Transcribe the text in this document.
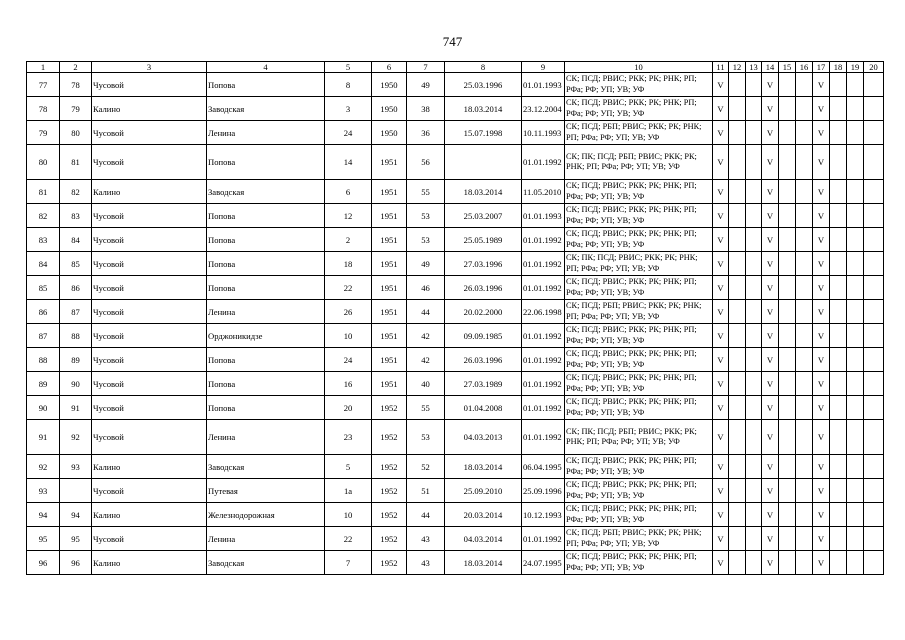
747
1	2	3	4	5	6	7	8	9	10	11	12	13	14	15	16	17	18	19	20
77	78	Чусовой	Попова	8	1950	49	25.03.1996	01.01.1993	СК; ПСД; РВИС; РКК; РК; РНК; РП; РФа; РФ; УП; УВ; УФ	V			V			V			
78	79	Калино	Заводская	3	1950	38	18.03.2014	23.12.2004	СК; ПСД; РВИС; РКК; РК; РНК; РП; РФа; РФ; УП; УВ; УФ	V			V			V			
79	80	Чусовой	Ленина	24	1950	36	15.07.1998	10.11.1993	СК; ПСД; РБП; РВИС; РКК; РК; РНК; РП; РФа; РФ; УП; УВ; УФ	V			V			V			
80	81	Чусовой	Попова	14	1951	56		01.01.1992	СК; ПК; ПСД; РБП; РВИС; РКК; РК; РНК; РП; РФа; РФ; УП; УВ; УФ	V			V			V			
81	82	Калино	Заводская	6	1951	55	18.03.2014	11.05.2010	СК; ПСД; РВИС; РКК; РК; РНК; РП; РФа; РФ; УП; УВ; УФ	V			V			V			
82	83	Чусовой	Попова	12	1951	53	25.03.2007	01.01.1993	СК; ПСД; РВИС; РКК; РК; РНК; РП; РФа; РФ; УП; УВ; УФ	V			V			V			
83	84	Чусовой	Попова	2	1951	53	25.05.1989	01.01.1992	СК; ПСД; РВИС; РКК; РК; РНК; РП; РФа; РФ; УП; УВ; УФ	V			V			V			
84	85	Чусовой	Попова	18	1951	49	27.03.1996	01.01.1992	СК; ПК; ПСД; РВИС; РКК; РК; РНК; РП; РФа; РФ; УП; УВ; УФ	V			V			V			
85	86	Чусовой	Попова	22	1951	46	26.03.1996	01.01.1992	СК; ПСД; РВИС; РКК; РК; РНК; РП; РФа; РФ; УП; УВ; УФ	V			V			V			
86	87	Чусовой	Ленина	26	1951	44	20.02.2000	22.06.1998	СК; ПСД; РБП; РВИС; РКК; РК; РНК; РП; РФа; РФ; УП; УВ; УФ	V			V			V			
87	88	Чусовой	Орджоникидзе	10	1951	42	09.09.1985	01.01.1992	СК; ПСД; РВИС; РКК; РК; РНК; РП; РФа; РФ; УП; УВ; УФ	V			V			V			
88	89	Чусовой	Попова	24	1951	42	26.03.1996	01.01.1992	СК; ПСД; РВИС; РКК; РК; РНК; РП; РФа; РФ; УП; УВ; УФ	V			V			V			
89	90	Чусовой	Попова	16	1951	40	27.03.1989	01.01.1992	СК; ПСД; РВИС; РКК; РК; РНК; РП; РФа; РФ; УП; УВ; УФ	V			V			V			
90	91	Чусовой	Попова	20	1952	55	01.04.2008	01.01.1992	СК; ПСД; РВИС; РКК; РК; РНК; РП; РФа; РФ; УП; УВ; УФ	V			V			V			
91	92	Чусовой	Ленина	23	1952	53	04.03.2013	01.01.1992	СК; ПК; ПСД; РБП; РВИС; РКК; РК; РНК; РП; РФа; РФ; УП; УВ; УФ	V			V			V			
92	93	Калино	Заводская	5	1952	52	18.03.2014	06.04.1995	СК; ПСД; РВИС; РКК; РК; РНК; РП; РФа; РФ; УП; УВ; УФ	V			V			V			
93		Чусовой	Путевая	1а	1952	51	25.09.2010	25.09.1996	СК; ПСД; РВИС; РКК; РК; РНК; РП; РФа; РФ; УП; УВ; УФ	V			V			V			
94	94	Калино	Железнодорожная	10	1952	44	20.03.2014	10.12.1993	СК; ПСД; РВИС; РКК; РК; РНК; РП; РФа; РФ; УП; УВ; УФ	V			V			V			
95	95	Чусовой	Ленина	22	1952	43	04.03.2014	01.01.1992	СК; ПСД; РБП; РВИС; РКК; РК; РНК; РП; РФа; РФ; УП; УВ; УФ	V			V			V			
96	96	Калино	Заводская	7	1952	43	18.03.2014	24.07.1995	СК; ПСД; РВИС; РКК; РК; РНК; РП; РФа; РФ; УП; УВ; УФ	V			V			V			
